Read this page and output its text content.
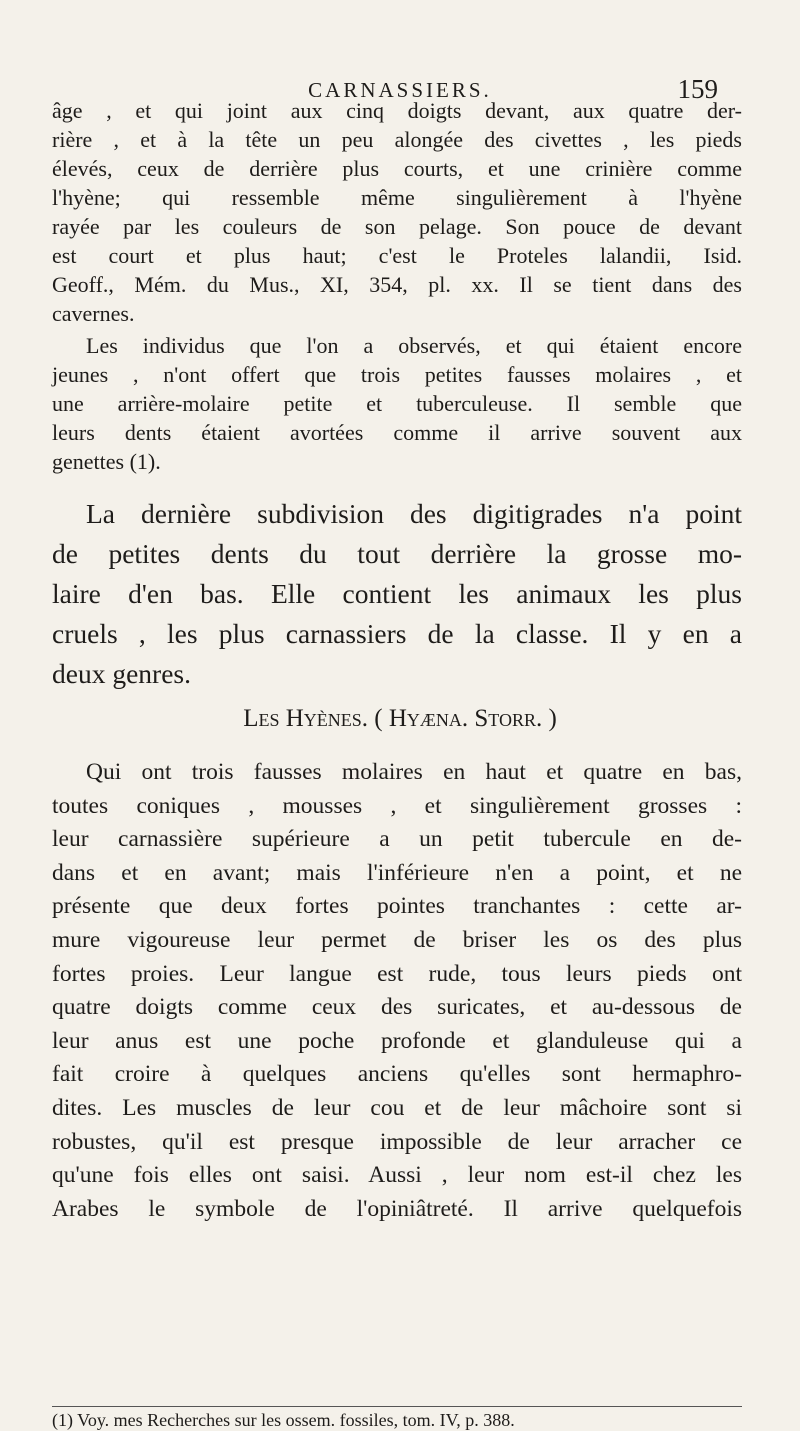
CARNASSIERS.	159
âge , et qui joint aux cinq doigts devant, aux quatre der-
rière , et à la tête un peu alongée des civettes , les pieds
élevés, ceux de derrière plus courts, et une crinière comme
l'hyène; qui ressemble même singulièrement à l'hyène
rayée par les couleurs de son pelage. Son pouce de devant
est court et plus haut; c'est le Proteles lalandii, Isid.
Geoff., Mém. du Mus., XI, 354, pl. xx. Il se tient dans des
cavernes.
Les individus que l'on a observés, et qui étaient encore
jeunes , n'ont offert que trois petites fausses molaires , et
une arrière-molaire petite et tuberculeuse. Il semble que
leurs dents étaient avortées comme il arrive souvent aux
genettes (1).
La dernière subdivision des digitigrades n'a point
de petites dents du tout derrière la grosse mo-
laire d'en bas. Elle contient les animaux les plus
cruels , les plus carnassiers de la classe. Il y en a
deux genres.
Les Hyènes. ( Hyæna. Storr. )
Qui ont trois fausses molaires en haut et quatre en bas,
toutes coniques , mousses , et singulièrement grosses :
leur carnassière supérieure a un petit tubercule en de-
dans et en avant; mais l'inférieure n'en a point, et ne
présente que deux fortes pointes tranchantes : cette ar-
mure vigoureuse leur permet de briser les os des plus
fortes proies. Leur langue est rude, tous leurs pieds ont
quatre doigts comme ceux des suricates, et au-dessous de
leur anus est une poche profonde et glanduleuse qui a
fait croire à quelques anciens qu'elles sont hermaphro-
dites. Les muscles de leur cou et de leur mâchoire sont si
robustes, qu'il est presque impossible de leur arracher ce
qu'une fois elles ont saisi. Aussi , leur nom est-il chez les
Arabes le symbole de l'opiniâtreté. Il arrive quelquefois
(1) Voy. mes Recherches sur les ossem. fossiles, tom. IV, p. 388.
